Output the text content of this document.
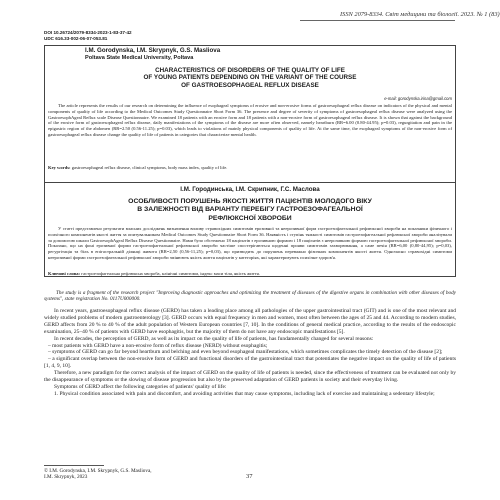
ISSN 2079-8334. Світ медицини та біології. 2023. № 1 (83)
DOI 10.26724/2079-8334-2023-1-83-37-42
UDC 616.33-002-06-07-053.81
I.M. Gorodynska, I.M. Skrypnyk, G.S. Masliova
Poltava State Medical University, Poltava
CHARACTERISTICS OF DISORDERS OF THE QUALITY OF LIFE
OF YOUNG PATIENTS DEPENDING ON THE VARIANT OF THE COURSE
OF GASTROESOPHAGEAL REFLUX DISEASE
e-mail: gorodynska.irina@gmail.com

The article represents the results of our research on determining the influence of esophageal symptoms of erosive and non-erosive forms of gastroesophageal reflux disease on indicators of the physical and mental components of quality of life according to the Medical Outcomes Study Questionnaire Short Form 36. The presence and degree of severity of symptoms of gastroesophageal reflux disease were analyzed using the GastroesophAgeal Reflux scale Disease Questionnaire. We examined 18 patients with an erosive form and 18 patients with a non-erosive form of gastroesophageal reflux disease. It is shown that against the background of the erosive form of gastroesophageal reflux disease, daily manifestations of the symptoms of the disease are more often observed, namely heartburn (RR=6.00 (0.80-44.95); p=0.03), regurgitation and pain in the epigastric region of the abdomen (RR=2.50 (0.56-11.25); p=0.03), which leads to violations of mainly physical components of quality of life. At the same time, the esophageal symptoms of the non-erosive form of gastroesophageal reflux disease change the quality of life of patients in categories that characterize mental health.

Key words: gastroesophageal reflux disease, clinical symptoms, body mass index, quality of life.

І.М. Городинська, І.М. Скрипник, Г.С. Маслова
ОСОБЛИВОСТІ ПОРУШЕНЬ ЯКОСТІ ЖИТТЯ ПАЦІЄНТІВ МОЛОДОГО ВІКУ
В ЗАЛЕЖНОСТІ ВІД ВАРІАНТУ ПЕРЕБІГУ ГАСТРОЕЗОФАГЕАЛЬНОЇ
РЕФЛЮКСНОЇ ХВОРОБИ

У статті представлено результати власних досліджень визначення впливу стравохідних симптомів ерозивної та неерозивної форм гастроезофагеальної рефлюксної хвороби на показники фізичного і психічного компонентів якості життя за опитувальником Medical Outcomes Study Questionnaire Short Form 36. Наявність і ступінь тяжкості симптомів гастроезофагеальної рефлюксної хвороби аналізували за допомогою шкали GastroesophAgeal Reflux Disease Questionnaire. Нами було обстежено 18 пацієнтів з ерозивною формою і 18 пацієнтів з неерозивною формою гастроезофагеальної рефлюксної хвороби. Показано, що на фоні ерозивної форми гастроезофагеальної рефлюксної хвороби частіше спостерігаються щоденні прояви симптомів захворювання, а саме печія (RR=6,00 (0,80-44,95); p=0,03), регургітація та біль в епігастральній ділянці живота (RR=2,50 (0,56-11,25); p=0,03), що призводить до порушень переважно фізичних компонентів якості життя. Одночасно стравохідні симптоми неерозивної форми гастроезофагеальної рефлюксної хвороби змінюють якість життя пацієнтів у категоріях, які характеризують психічне здоров'я.

Ключові слова: гастроезофагеальна рефлюксна хвороба, клінічні симптоми, індекс маси тіла, якість життя.

The study is a fragment of the research project "Improving diagnostic approaches and optimizing the treatment of diseases of the digestive organs in combination with other diseases of body systems", state registration No. 0117U000000.

In recent years, gastroesophageal reflux disease (GERD) has taken a leading place among all pathologies of the upper gastrointestinal tract (GIT) and is one of the most relevant and widely studied problems of modern gastroenterology [3]. GERD occurs with equal frequency in men and women, most often between the ages of 25 and 44. According to modern studies, GERD affects from 20 % to 40 % of the adult population of Western European countries [7, 10]. In the conditions of general medical practice, according to the results of the endoscopic examination, 25–40 % of patients with GERD have esophagitis, but the majority of them do not have any endoscopic manifestations [5].

In recent decades, the perception of GERD, as well as its impact on the quality of life of patients, has fundamentally changed for several reasons:

– most patients with GERD have a non-erosive form of reflux disease (NERD) without esophagitis;

– symptoms of GERD can go far beyond heartburn and belching and even beyond esophageal manifestations, which sometimes complicates the timely detection of the disease [2];

– a significant overlap between the non-erosive form of GERD and functional disorders of the gastrointestinal tract that potentiates the negative impact on the quality of life of patients [1, 4, 9, 10].

Therefore, a new paradigm for the correct analysis of the impact of GERD on the quality of life of patients is needed, since the effectiveness of treatment can be evaluated not only by the disappearance of symptoms or the slowing of disease progression but also by the preserved adaptation of GERD patients in society and their everyday living.

Symptoms of GERD affect the following categories of patients' quality of life:

1. Physical condition associated with pain and discomfort, and avoiding activities that may cause symptoms, including lack of exercise and maintaining a sedentary lifestyle;

© I.M. Gorodynska, I.M. Skrypnyk, G.S. Masliova,
I.M. Skrypnyk, 2023	37
